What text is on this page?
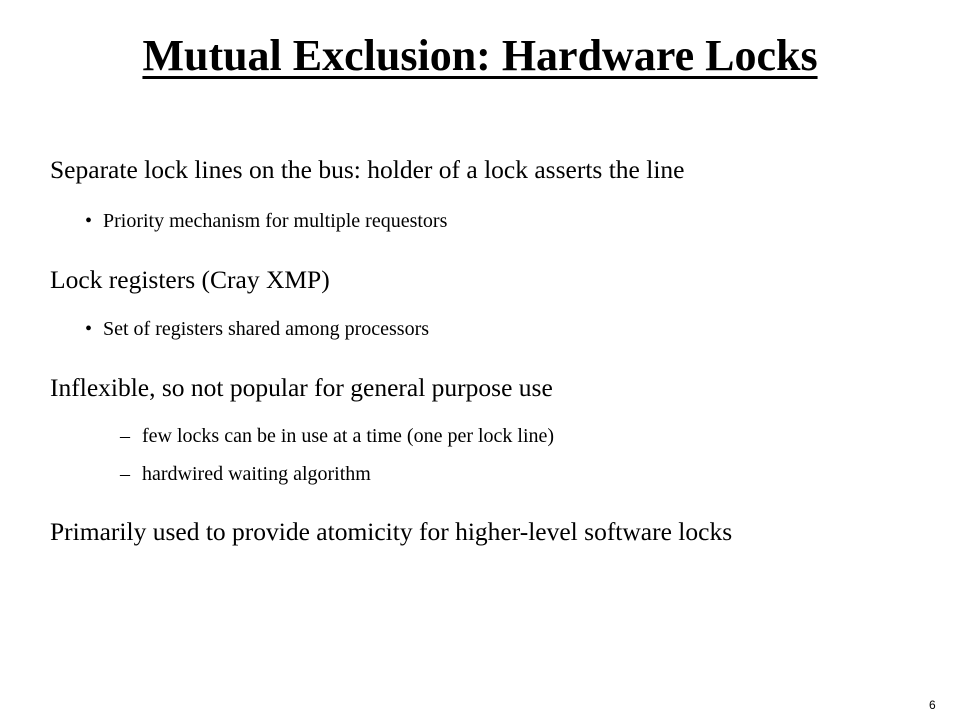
Mutual Exclusion: Hardware Locks
Separate lock lines on the bus: holder of a lock asserts the line
• Priority mechanism for multiple requestors
Lock registers (Cray XMP)
• Set of registers shared among processors
Inflexible, so not popular for general purpose use
– few locks can be in use at a time (one per lock line)
– hardwired waiting algorithm
Primarily used to provide atomicity for higher-level software locks
6
